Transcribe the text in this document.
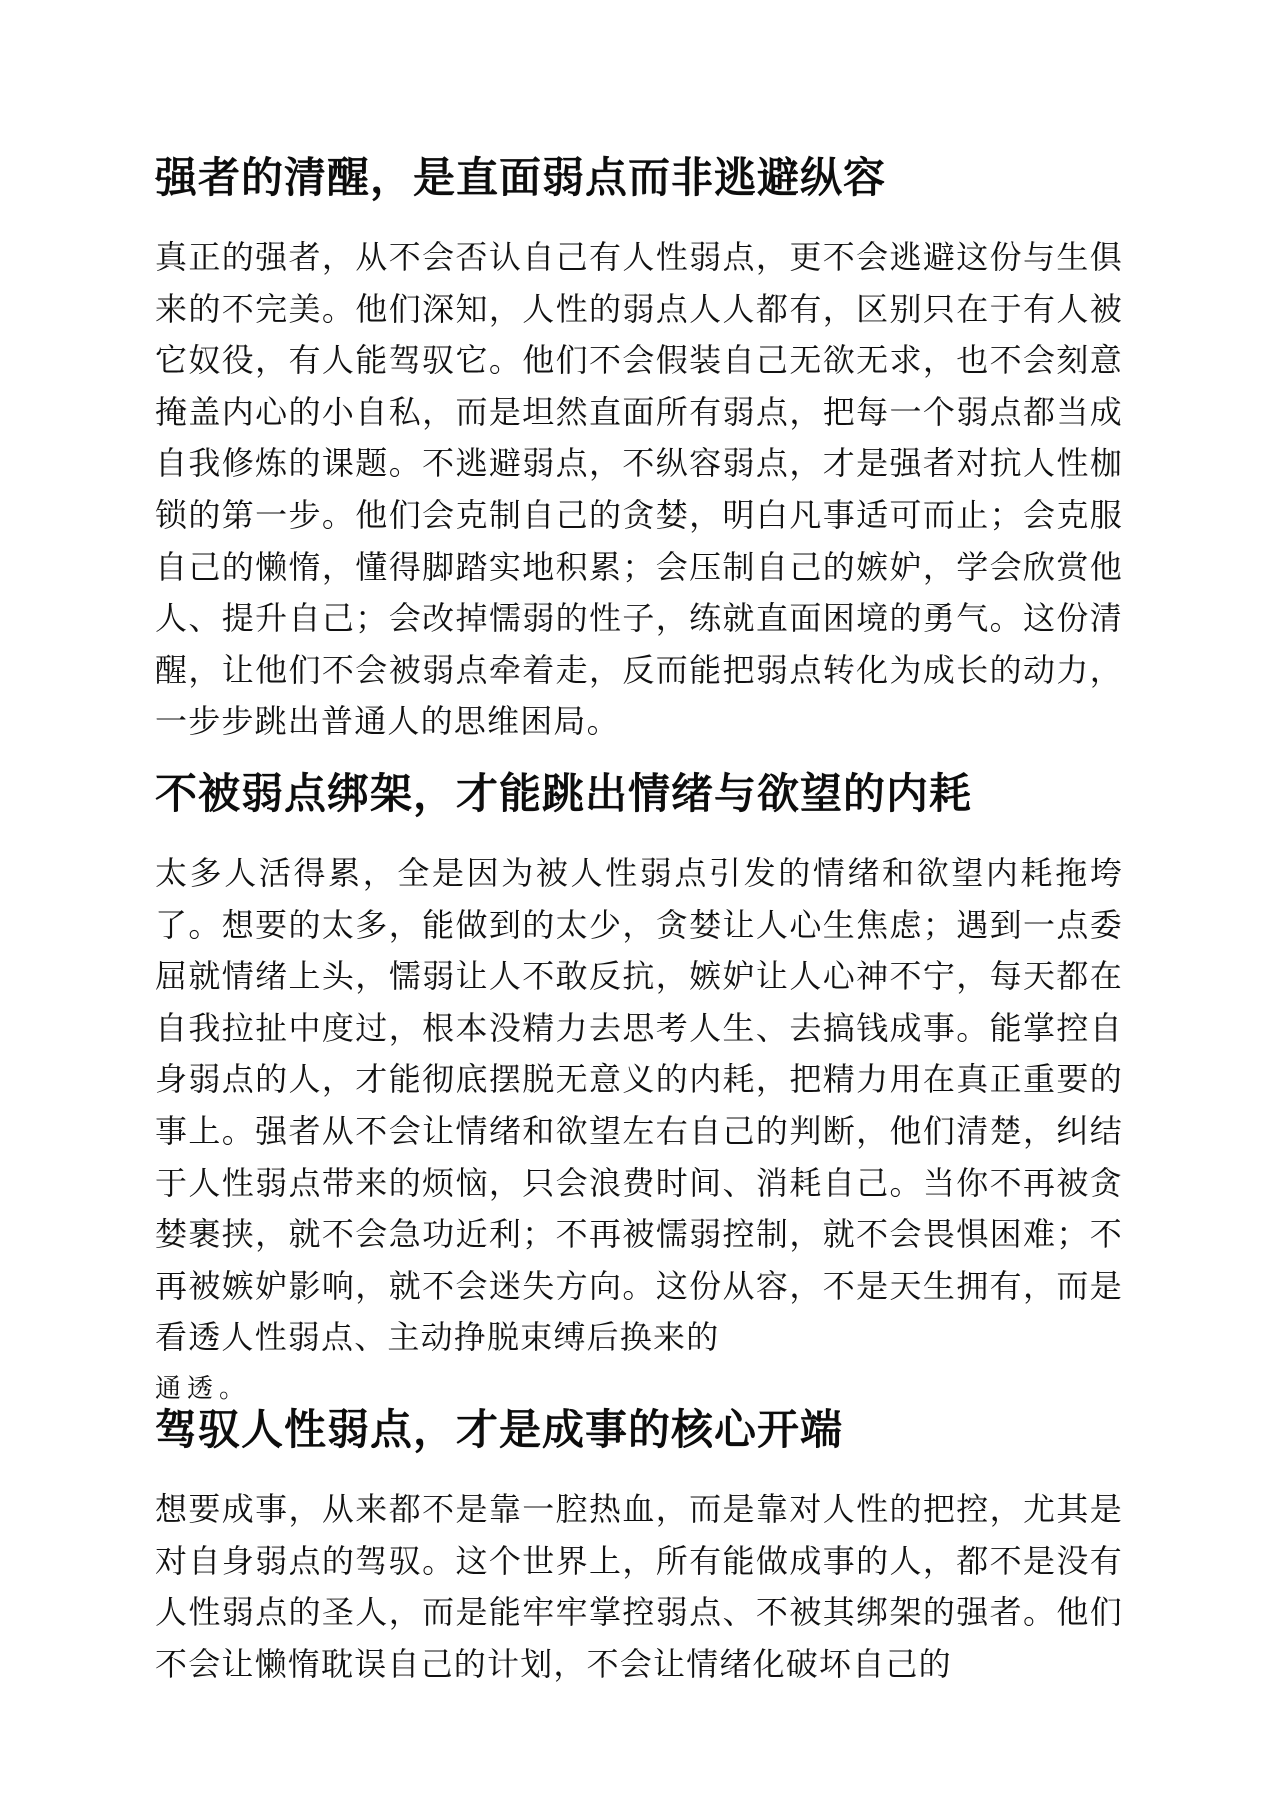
强者的清醒，是直面弱点而非逃避纵容

真正的强者，从不会否认自己有人性弱点，更不会逃避这份与生俱来的不完美。他们深知，人性的弱点人人都有，区别只在于有人被它奴役，有人能驾驭它。他们不会假装自己无欲无求，也不会刻意掩盖内心的小自私，而是坦然直面所有弱点，把每一个弱点都当成自我修炼的课题。不逃避弱点，不纵容弱点，才是强者对抗人性枷锁的第一步。他们会克制自己的贪婪，明白凡事适可而止；会克服自己的懒惰，懂得脚踏实地积累；会压制自己的嫉妒，学会欣赏他人、提升自己；会改掉懦弱的性子，练就直面困境的勇气。这份清醒，让他们不会被弱点牵着走，反而能把弱点转化为成长的动力，一步步跳出普通人的思维困局。

不被弱点绑架，才能跳出情绪与欲望的内耗

太多人活得累，全是因为被人性弱点引发的情绪和欲望内耗拖垮了。想要的太多，能做到的太少，贪婪让人心生焦虑；遇到一点委屈就情绪上头，懦弱让人不敢反抗，嫉妒让人心神不宁，每天都在自我拉扯中度过，根本没精力去思考人生、去搞钱成事。能掌控自身弱点的人，才能彻底摆脱无意义的内耗，把精力用在真正重要的事上。强者从不会让情绪和欲望左右自己的判断，他们清楚，纠结于人性弱点带来的烦恼，只会浪费时间、消耗自己。当你不再被贪婪裹挟，就不会急功近利；不再被懦弱控制，就不会畏惧困难；不再被嫉妒影响，就不会迷失方向。这份从容，不是天生拥有，而是看透人性弱点、主动挣脱束缚后换来的
通透。

驾驭人性弱点，才是成事的核心开端

想要成事，从来都不是靠一腔热血，而是靠对人性的把控，尤其是对自身弱点的驾驭。这个世界上，所有能做成事的人，都不是没有人性弱点的圣人，而是能牢牢掌控弱点、不被其绑架的强者。他们不会让懒惰耽误自己的计划，不会让情绪化破坏自己的
